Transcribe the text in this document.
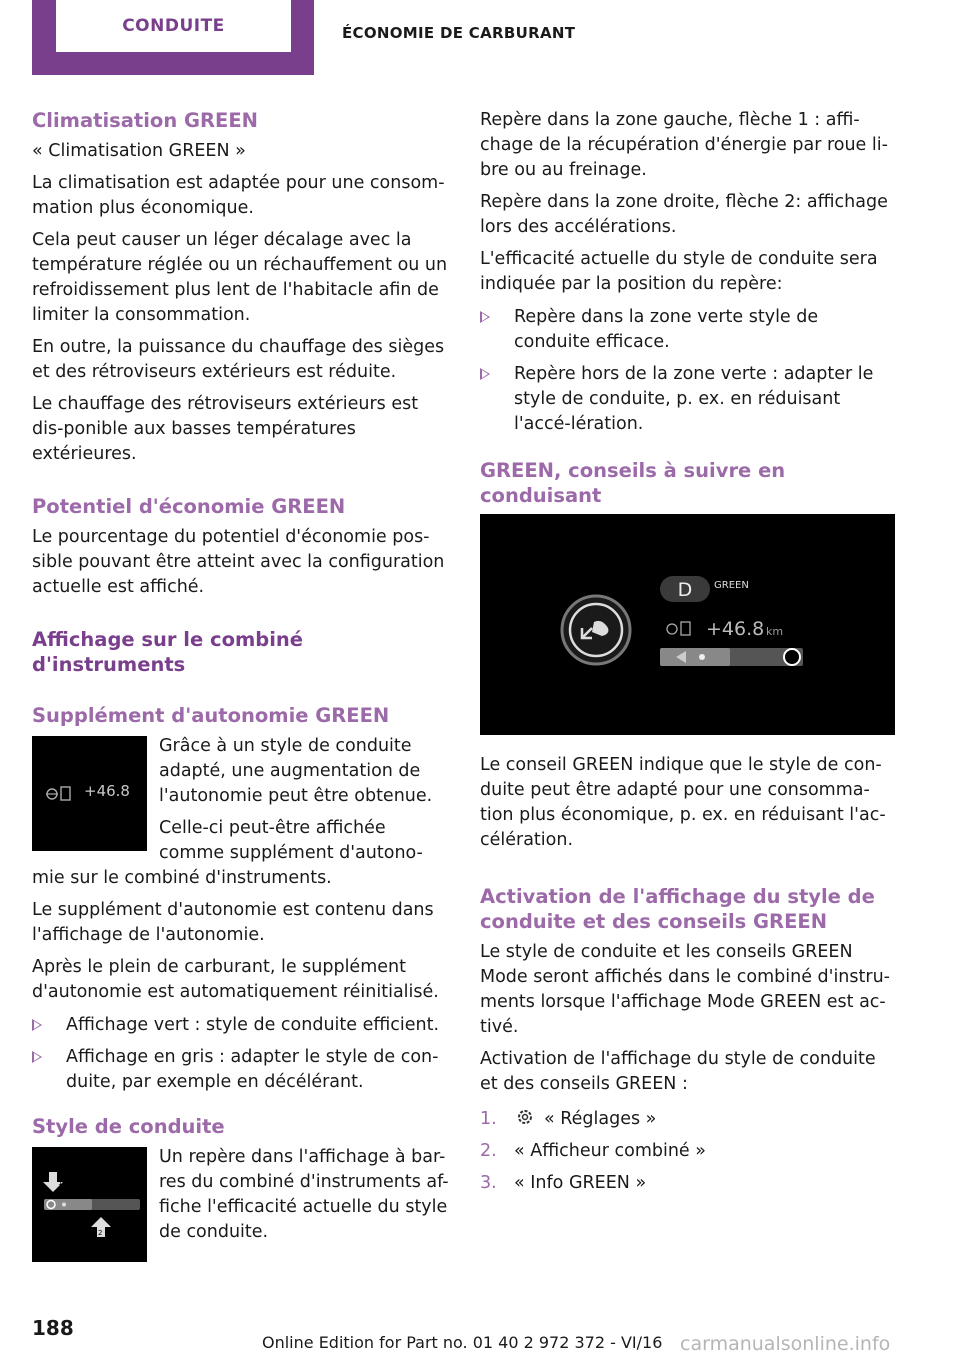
CONDUITE	ÉCONOMIE DE CARBURANT
Climatisation GREEN
« Climatisation GREEN »
La climatisation est adaptée pour une consom-mation plus économique.
Cela peut causer un léger décalage avec la température réglée ou un réchauffement ou un refroidissement plus lent de l'habitacle afin de limiter la consommation.
En outre, la puissance du chauffage des sièges et des rétroviseurs extérieurs est réduite.
Le chauffage des rétroviseurs extérieurs est dis-ponible aux basses températures extérieures.
Potentiel d'économie GREEN
Le pourcentage du potentiel d'économie pos-sible pouvant être atteint avec la configuration actuelle est affiché.
Affichage sur le combiné d'instruments
Supplément d'autonomie GREEN
+46.8
Grâce à un style de conduite adapté, une augmentation de l'autonomie peut être obtenue.
Celle-ci peut-être affichée comme supplément d'autono-mie sur le combiné d'instruments.
Le supplément d'autonomie est contenu dans l'affichage de l'autonomie.
Après le plein de carburant, le supplément d'autonomie est automatiquement réinitialisé.
Affichage vert : style de conduite efficient.
Affichage en gris : adapter le style de con-duite, par exemple en décélérant.
Style de conduite
1
2
Un repère dans l'affichage à bar-res du combiné d'instruments af-fiche l'efficacité actuelle du style de conduite.
Repère dans la zone gauche, flèche 1 : affi-chage de la récupération d'énergie par roue li-bre ou au freinage.
Repère dans la zone droite, flèche 2: affichage lors des accélérations.
L'efficacité actuelle du style de conduite sera indiquée par la position du repère:
Repère dans la zone verte style de conduite efficace.
Repère hors de la zone verte : adapter le style de conduite, p. ex. en réduisant l'accé-lération.
GREEN, conseils à suivre en conduisant
D GREEN
+46.8 km
Le conseil GREEN indique que le style de con-duite peut être adapté pour une consomma-tion plus économique, p. ex. en réduisant l'ac-célération.
Activation de l'affichage du style de conduite et des conseils GREEN
Le style de conduite et les conseils GREEN Mode seront affichés dans le combiné d'instru-ments lorsque l'affichage Mode GREEN est ac-tivé.
Activation de l'affichage du style de conduite et des conseils GREEN :
1.	« Réglages »
2. « Afficheur combiné »
3. « Info GREEN »
188
Online Edition for Part no. 01 40 2 972 372 - VI/16 carmanualsonline.info
